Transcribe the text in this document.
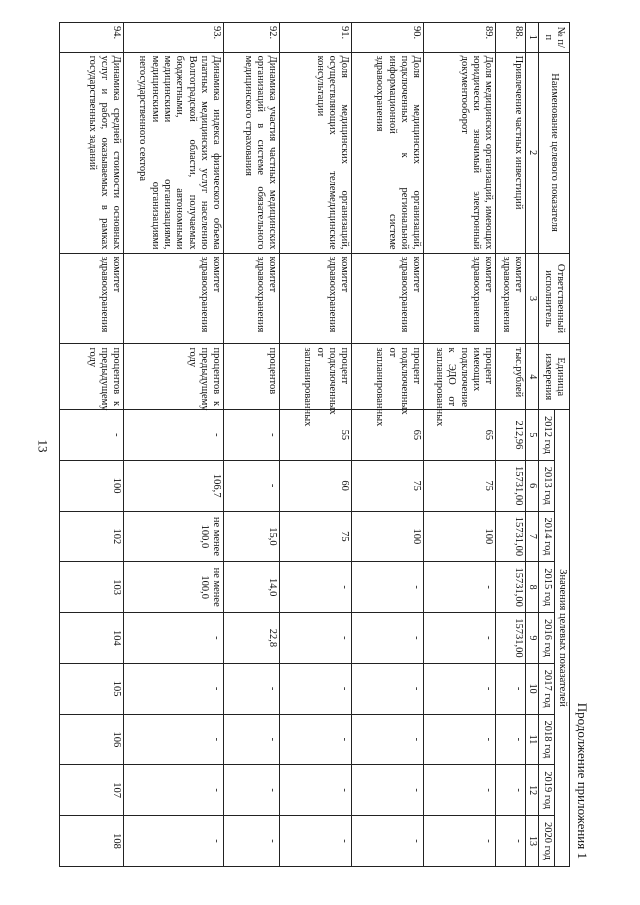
13
Продолжение приложения 1
№ п/п	Наименование целевого показателя	Ответственный исполнитель	Единица измерения	Значения целевых показателей								
				2012 год	2013 год	2014 год	2015 год	2016 год	2017 год	2018 год	2019 год	2020 год
1	2	3	4	5	6	7	8	9	10	11	12	13
88.	Привлечение частных инвестиций	комитет здравоохранения	тыс.рублей	212,96	15731,00	15731,00	15731,00	15731,00	-	-	-	-
89.	Доля медицинских организаций, имеющих юридически значимый электронный документооборот	комитет здравоохранения	процент имеющих подключение к ЭДО от запланированных	65	75	100	-	-	-	-	-	-
90.	Доля медицинских организаций, подключенных к региональной информационной системе здравоохранения	комитет здравоохранения	процент подключенных от запланированных	65	75	100	-	-	-	-	-	-
91.	Доля медицинских организаций, осуществляющих телемедицинские консультации	комитет здравоохранения	процент подключенных от запланированных	55	60	75	-	-	-	-	-	-
92.	Динамика участия частных медицинских организаций в системе обязательного медицинского страхования	комитет здравоохранения	процентов	-	-	15,0	14,0	22,8	-	-	-	-
93.	Динамика индекса физического объема платных медицинских услуг населению Волгоградской области, получаемых бюджетными, автономными медицинскими организациями, медицинскими организациями негосударственного сектора	комитет здравоохранения	процентов к предыдущему году	-	106,7	не менее 100,0	не менее 100,0	-	-	-	-	-
94.	Динамика средней стоимости основных услуг и работ, оказываемых в рамках государственных заданий	комитет здравоохранения	процентов к предыдущему году	-	100	102	103	104	105	106	107	108
